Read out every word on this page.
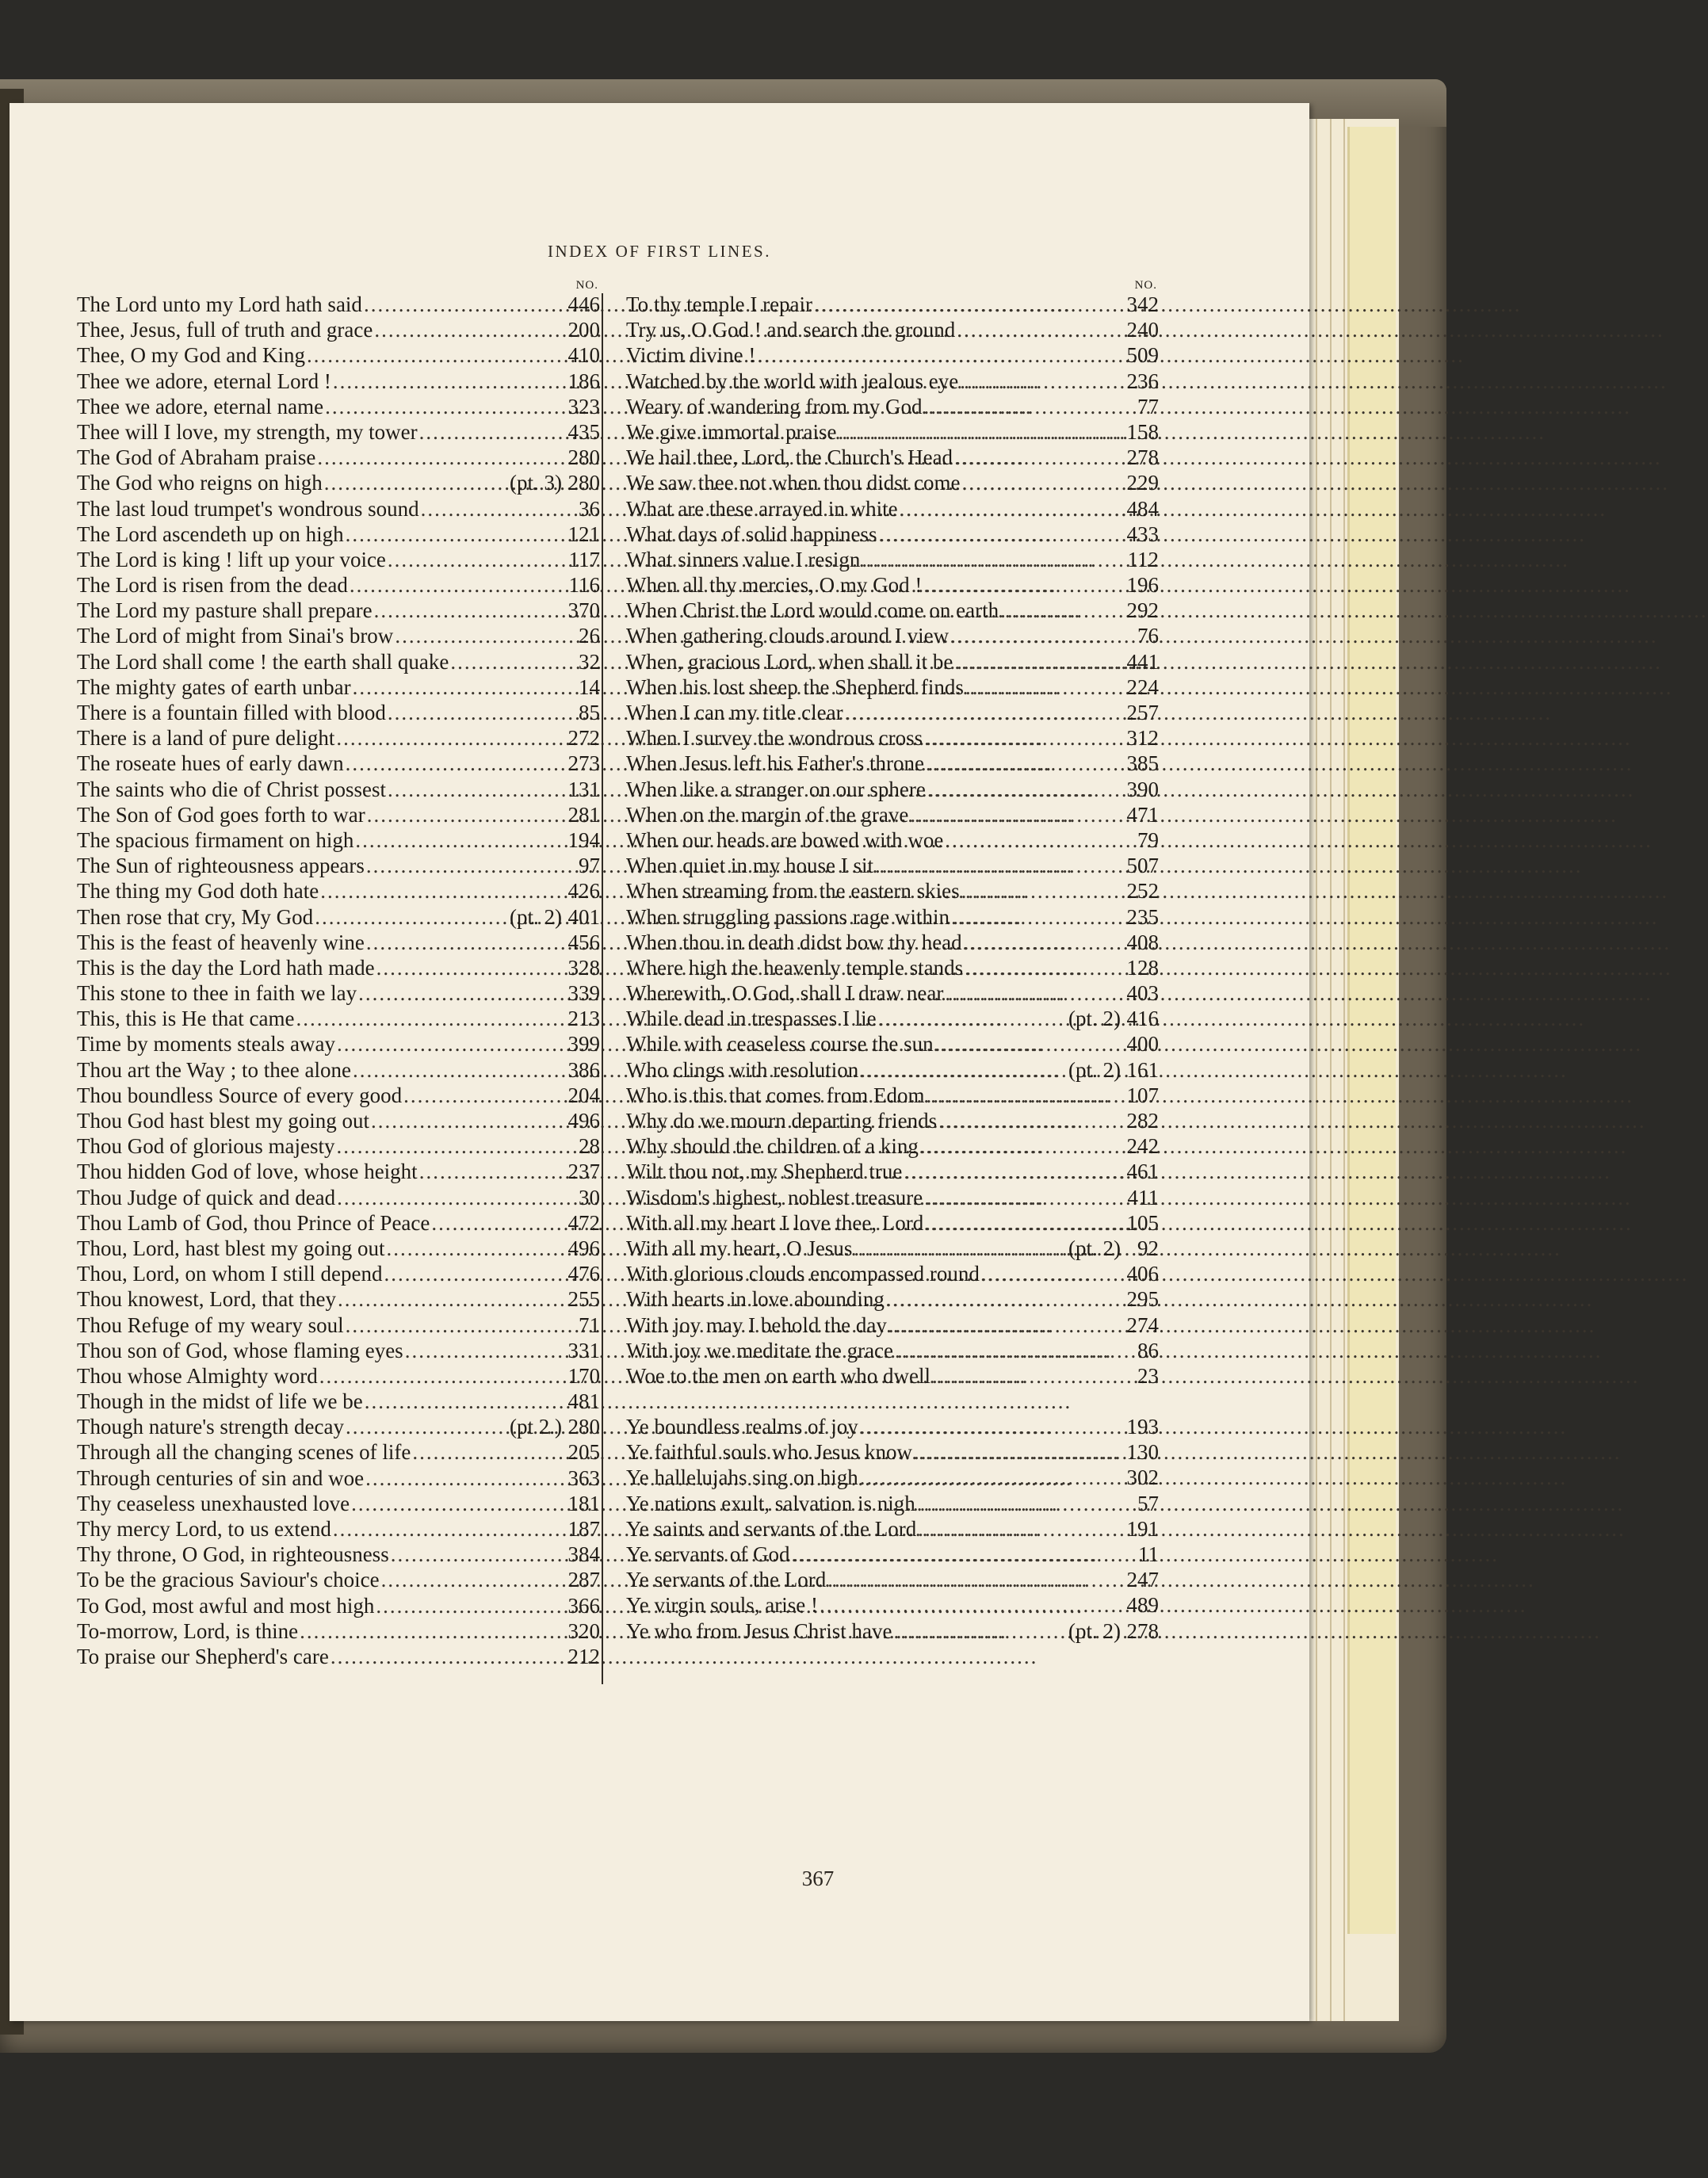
INDEX OF FIRST LINES.
NO.
The Lord unto my Lord hath said .....	446
Thee, Jesus, full of truth and grace .....	200
Thee, O my God and King .....	410
Thee we adore, eternal Lord ! .....	186
Thee we adore, eternal name .....	323
Thee will I love, my strength, my tower .....	435
The God of Abraham praise .....	280
The God who reigns on high .....	(pt. 3) 280
The last loud trumpet's wondrous sound .....	36
The Lord ascendeth up on high .....	121
The Lord is king ! lift up your voice .....	117
The Lord is risen from the dead .....	116
The Lord my pasture shall prepare .....	370
The Lord of might from Sinai's brow .....	26
The Lord shall come ! the earth shall quake .....	32
The mighty gates of earth unbar .....	14
There is a fountain filled with blood .....	85
There is a land of pure delight .....	272
The roseate hues of early dawn .....	273
The saints who die of Christ possest .....	131
The Son of God goes forth to war .....	281
The spacious firmament on high .....	194
The Sun of righteousness appears .....	97
The thing my God doth hate .....	426
Then rose that cry, My God .....	(pt. 2) 401
This is the feast of heavenly wine .....	456
This is the day the Lord hath made .....	328
This stone to thee in faith we lay .....	339
This, this is He that came .....	213
Time by moments steals away .....	399
Thou art the Way ; to thee alone .....	386
Thou boundless Source of every good .....	204
Thou God hast blest my going out .....	496
Thou God of glorious majesty .....	28
Thou hidden God of love, whose height .....	237
Thou Judge of quick and dead .....	30
Thou Lamb of God, thou Prince of Peace .....	472
Thou, Lord, hast blest my going out .....	496
Thou, Lord, on whom I still depend .....	476
Thou knowest, Lord, that they .....	255
Thou Refuge of my weary soul .....	71
Thou son of God, whose flaming eyes .....	331
Thou whose Almighty word .....	170
Though in the midst of life we be .....	481
Though nature's strength decay .....	(pt 2.) 280
Through all the changing scenes of life .....	205
Through centuries of sin and woe .....	363
Thy ceaseless unexhausted love .....	181
Thy mercy Lord, to us extend .....	187
Thy throne, O God, in righteousness .....	384
To be the gracious Saviour's choice .....	287
To God, most awful and most high .....	366
To-morrow, Lord, is thine .....	320
To praise our Shepherd's care .....	212
NO.
To thy temple I repair .....	342
Try us, O God ! and search the ground .....	240
Victim divine ! .....	509
Watched by the world with jealous eye .....	236
Weary of wandering from my God .....	77
We give immortal praise .....	158
We hail thee, Lord, the Church's Head .....	278
We saw thee not when thou didst come .....	229
What are these arrayed in white .....	484
What days of solid happiness .....	433
What sinners value I resign .....	112
When all thy mercies, O my God ! .....	196
When Christ the Lord would come on earth .....	292
When gathering clouds around I view .....	76
When, gracious Lord, when shall it be .....	441
When his lost sheep the Shepherd finds .....	224
When I can my title clear .....	257
When I survey the wondrous cross .....	312
When Jesus left his Father's throne .....	385
When like a stranger on our sphere .....	390
When on the margin of the grave .....	471
When our heads are bowed with woe .....	79
When quiet in my house I sit .....	507
When streaming from the eastern skies .....	252
When struggling passions rage within .....	235
When thou in death didst bow thy head .....	408
Where high the heavenly temple stands .....	128
Wherewith, O God, shall I draw near .....	403
While dead in trespasses I lie .....	(pt. 2) 416
While with ceaseless course the sun .....	400
Who clings with resolution .....	(pt. 2) 161
Who is this that comes from Edom .....	107
Why do we mourn departing friends .....	282
Why should the children of a king .....	242
Wilt thou not, my Shepherd true .....	461
Wisdom's highest, noblest treasure .....	411
With all my heart I love thee, Lord .....	105
With all my heart, O Jesus .....	(pt. 2) 92
With glorious clouds encompassed round .....	406
With hearts in love abounding .....	295
With joy may I behold the day .....	274
With joy we meditate the grace .....	86
Woe to the men on earth who dwell .....	23
Ye boundless realms of joy .....	193
Ye faithful souls who Jesus know .....	130
Ye hallelujahs sing on high .....	302
Ye nations exult, salvation is nigh .....	57
Ye saints and servants of the Lord .....	191
Ye servants of God .....	11
Ye servants of the Lord .....	247
Ye virgin souls, arise ! .....	489
Ye who from Jesus Christ have .....	(pt. 2) 278
367
